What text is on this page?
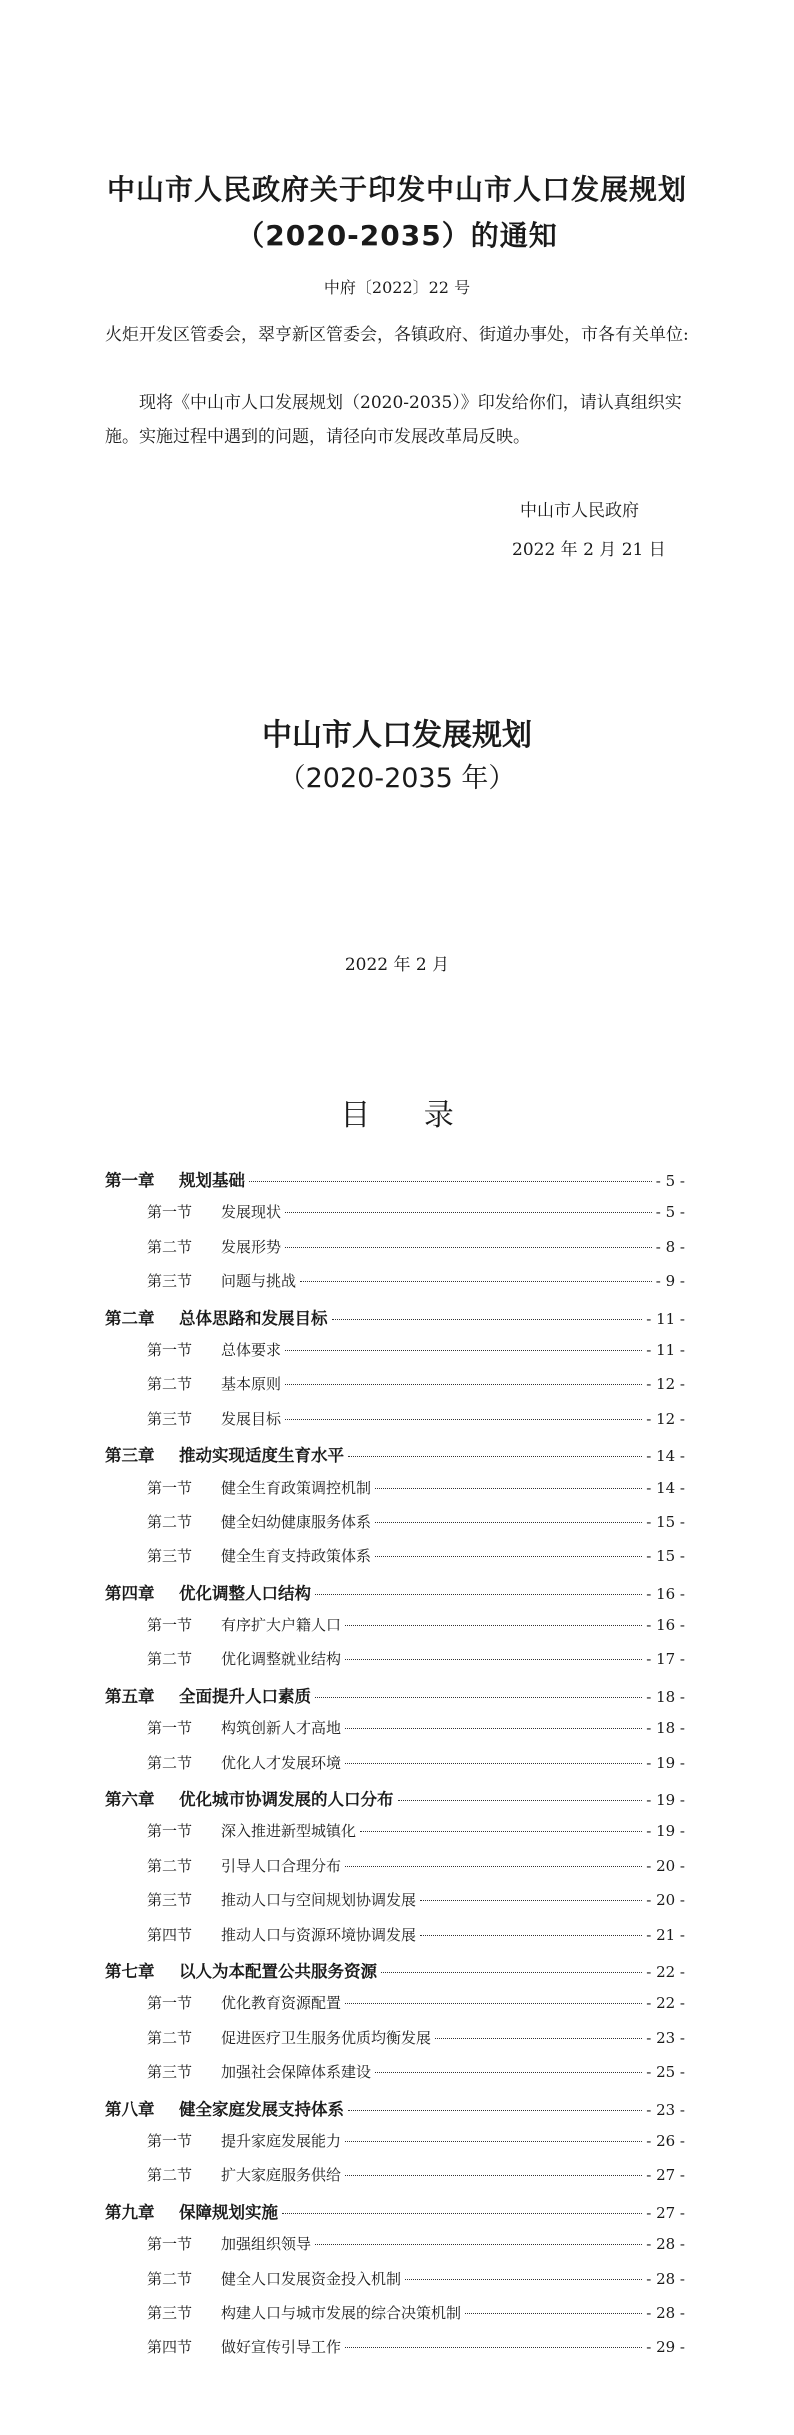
中山市人民政府关于印发中山市人口发展规划
（2020-2035）的通知
中府〔2022〕22 号
火炬开发区管委会，翠亨新区管委会，各镇政府、街道办事处，市各有关单位:
现将《中山市人口发展规划（2020-2035）》印发给你们，请认真组织实施。实施过程中遇到的问题，请径向市发展改革局反映。
中山市人民政府
2022 年 2 月 21 日
中山市人口发展规划
（2020-2035 年）
2022 年 2 月
目 录
第一章	规划基础	- 5 -
第一节	发展现状	- 5 -
第二节	发展形势	- 8 -
第三节	问题与挑战	- 9 -
第二章	总体思路和发展目标	- 11 -
第一节	总体要求	- 11 -
第二节	基本原则	- 12 -
第三节	发展目标	- 12 -
第三章	推动实现适度生育水平	- 14 -
第一节	健全生育政策调控机制	- 14 -
第二节	健全妇幼健康服务体系	- 15 -
第三节	健全生育支持政策体系	- 15 -
第四章	优化调整人口结构	- 16 -
第一节	有序扩大户籍人口	- 16 -
第二节	优化调整就业结构	- 17 -
第五章	全面提升人口素质	- 18 -
第一节	构筑创新人才高地	- 18 -
第二节	优化人才发展环境	- 19 -
第六章	优化城市协调发展的人口分布	- 19 -
第一节	深入推进新型城镇化	- 19 -
第二节	引导人口合理分布	- 20 -
第三节	推动人口与空间规划协调发展	- 20 -
第四节	推动人口与资源环境协调发展	- 21 -
第七章	以人为本配置公共服务资源	- 22 -
第一节	优化教育资源配置	- 22 -
第二节	促进医疗卫生服务优质均衡发展	- 23 -
第三节	加强社会保障体系建设	- 25 -
第八章	健全家庭发展支持体系	- 23 -
第一节	提升家庭发展能力	- 26 -
第二节	扩大家庭服务供给	- 27 -
第九章	保障规划实施	- 27 -
第一节	加强组织领导	- 28 -
第二节	健全人口发展资金投入机制	- 28 -
第三节	构建人口与城市发展的综合决策机制	- 28 -
第四节	做好宣传引导工作	- 29 -
